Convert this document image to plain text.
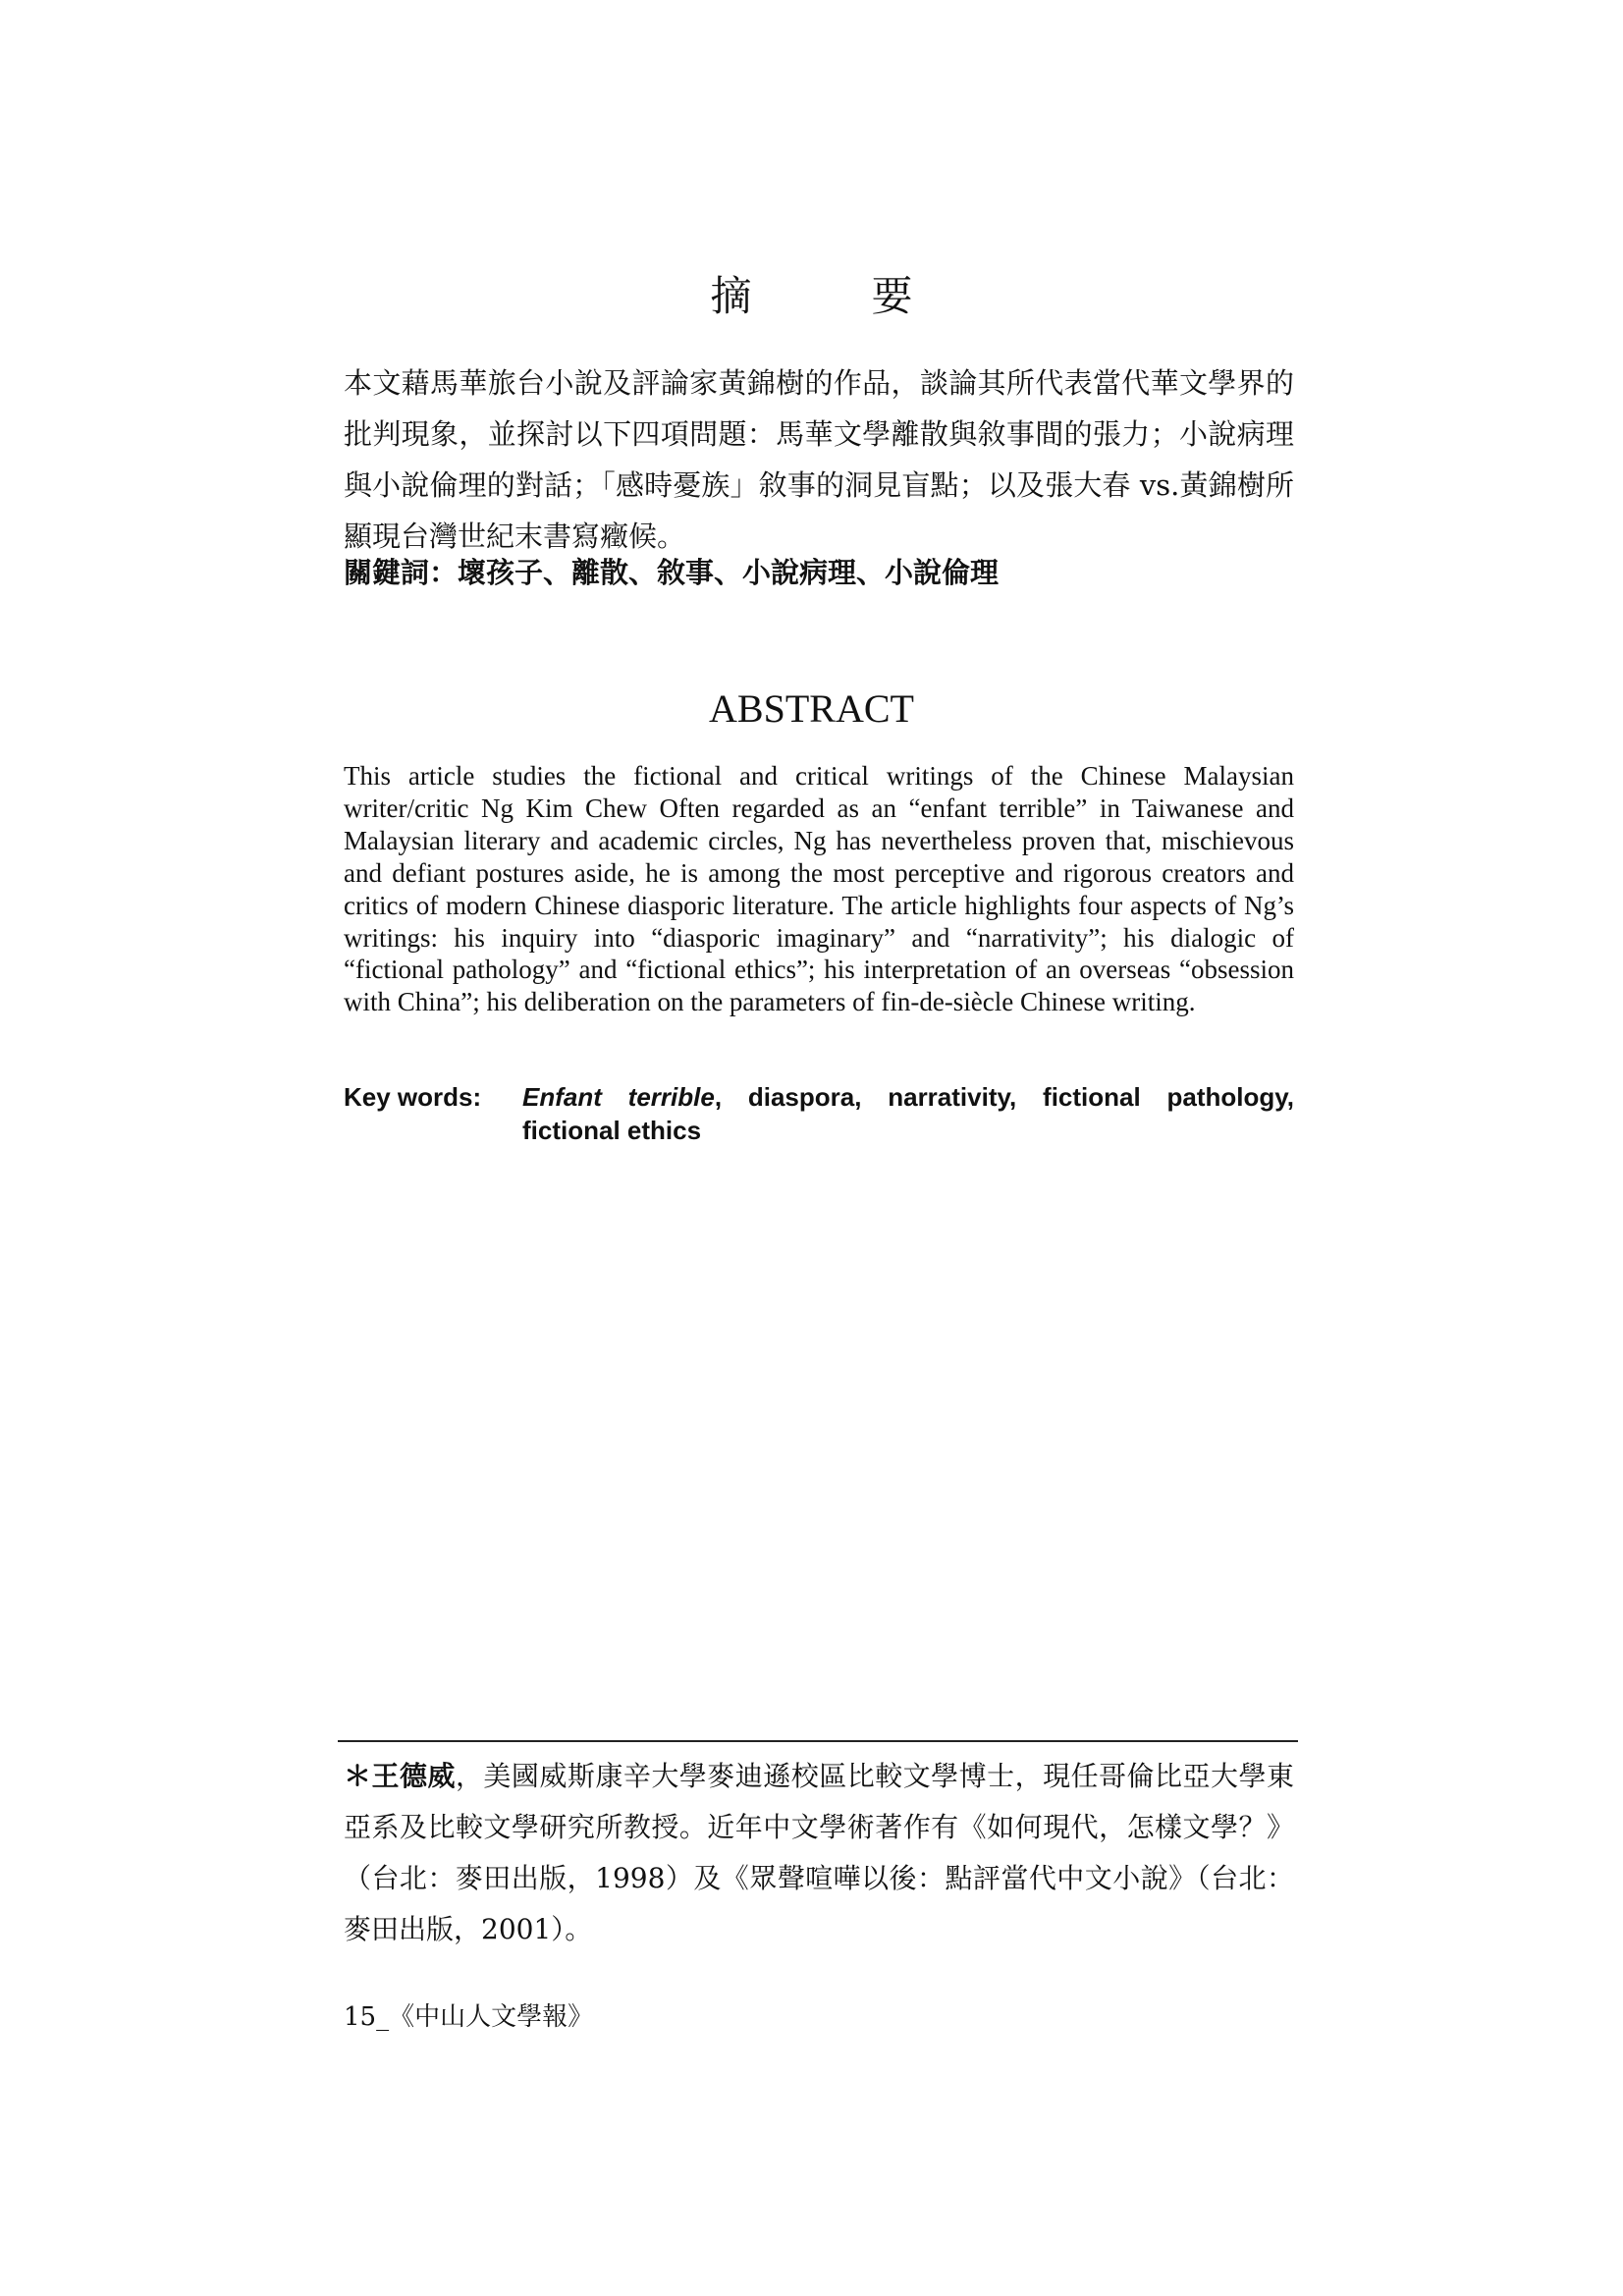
摘　要

本文藉馬華旅台小說及評論家黃錦樹的作品，談論其所代表當代華文學界的批判現象，並探討以下四項問題：馬華文學離散與敘事間的張力；小說病理與小說倫理的對話；「感時憂族」敘事的洞見盲點；以及張大春 vs.黃錦樹所顯現台灣世紀末書寫癥候。

關鍵詞：壞孩子、離散、敘事、小說病理、小說倫理
ABSTRACT

This article studies the fictional and critical writings of the Chinese Malaysian writer/critic Ng Kim Chew Often regarded as an “enfant terrible” in Taiwanese and Malaysian literary and academic circles, Ng has nevertheless proven that, mischievous and defiant postures aside, he is among the most perceptive and rigorous creators and critics of modern Chinese diasporic literature. The article highlights four aspects of Ng’s writings: his inquiry into “diasporic imaginary” and “narrativity”; his dialogic of “fictional pathology” and “fictional ethics”; his interpretation of an overseas “obsession with China”; his deliberation on the parameters of fin-de-siècle Chinese writing.

Key words:	Enfant terrible, diaspora, narrativity, fictional pathology, fictional ethics

＊王德威，美國威斯康辛大學麥迪遜校區比較文學博士，現任哥倫比亞大學東亞系及比較文學研究所教授。近年中文學術著作有《如何現代，怎樣文學？》（台北：麥田出版，1998）及《眾聲喧嘩以後：點評當代中文小說》（台北：麥田出版，2001）。

15_《中山人文學報》
